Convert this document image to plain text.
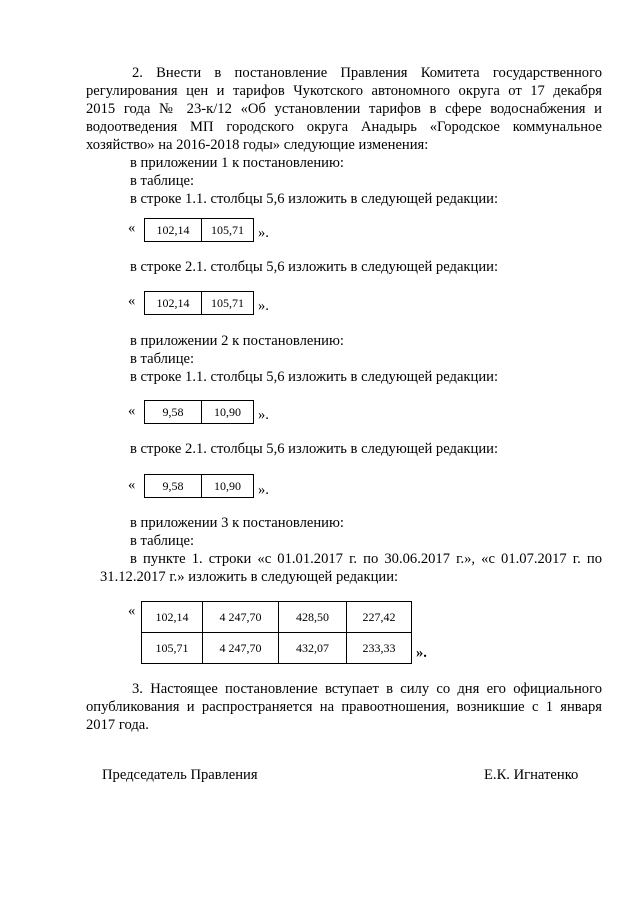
2. Внести в постановление Правления Комитета государственного
регулирования цен и тарифов Чукотского автономного округа от 17 декабря
2015 года № 23-к/12 «Об установлении тарифов в сфере водоснабжения и
водоотведения МП городского округа Анадырь «Городское коммунальное
хозяйство» на 2016-2018 годы» следующие изменения:
в приложении 1 к постановлению:
в таблице:
в строке 1.1. столбцы 5,6 изложить в следующей редакции:
« 102,14	105,71 ».
в строке 2.1. столбцы 5,6 изложить в следующей редакции:
« 102,14	105,71 ».
в приложении 2 к постановлению:
в таблице:
в строке 1.1. столбцы 5,6 изложить в следующей редакции:
« 9,58	10,90 ».
в строке 2.1. столбцы 5,6 изложить в следующей редакции:
« 9,58	10,90 ».
в приложении 3 к постановлению:
в таблице:
в пункте 1. строки «с 01.01.2017 г. по 30.06.2017 г.», «с 01.07.2017 г. по
31.12.2017 г.» изложить в следующей редакции:
« 102,14	4 247,70	428,50	227,42
105,71	4 247,70	432,07	233,33 ».
3. Настоящее постановление вступает в силу со дня его официального
опубликования и распространяется на правоотношения, возникшие с 1 января
2017 года.
Председатель Правления	Е.К. Игнатенко
